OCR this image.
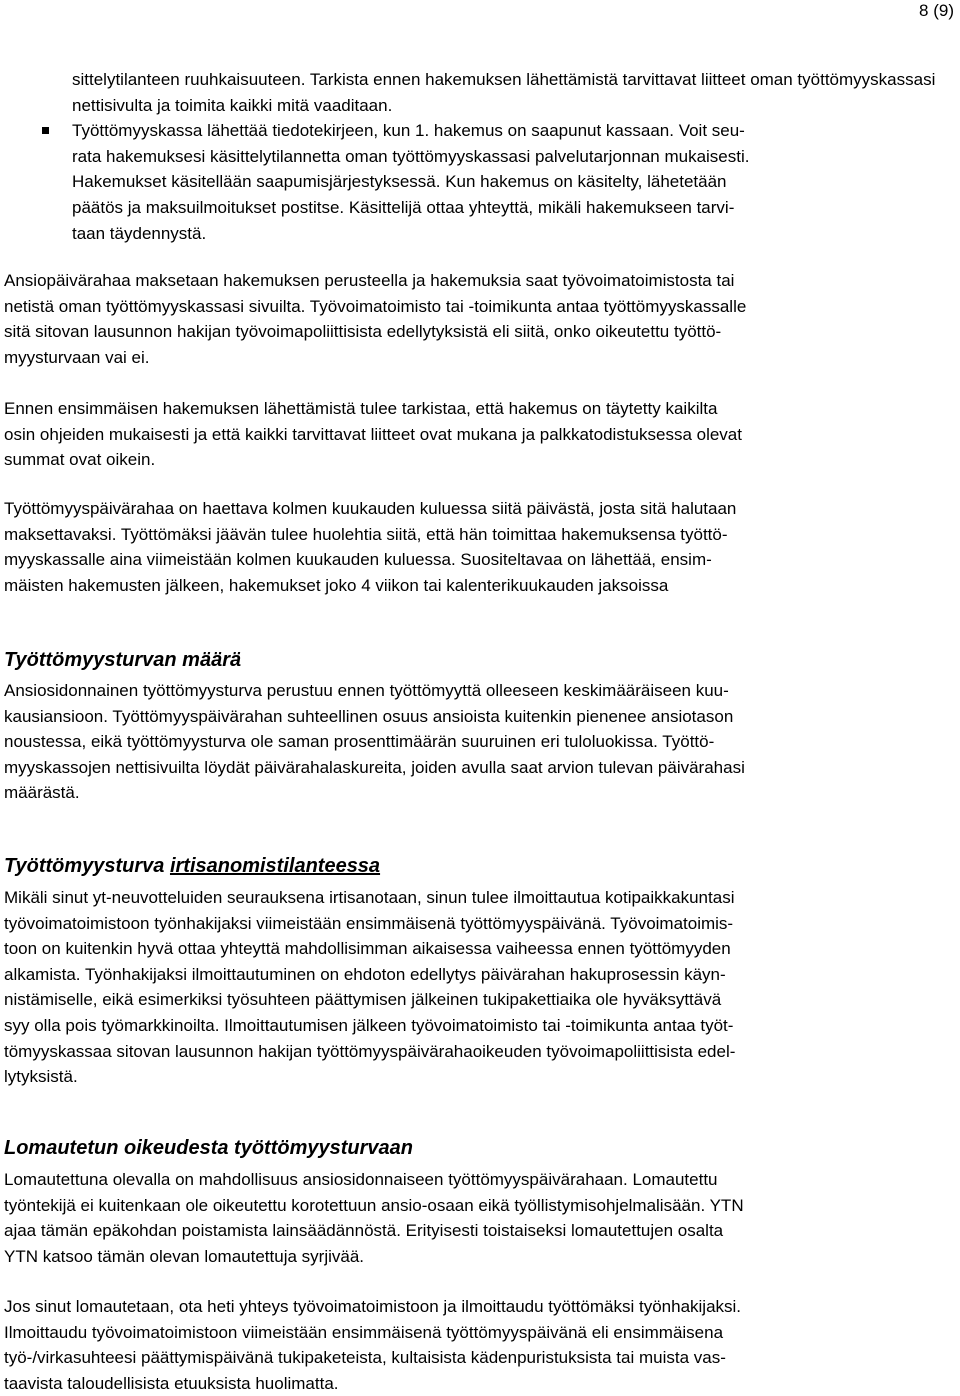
8 (9)
sittelytilanteen ruuhkaisuuteen. Tarkista ennen hakemuksen lähettämistä tarvittavat liitteet oman työttömyyskassasi nettisivulta ja toimita kaikki mitä vaaditaan.
Työttömyyskassa lähettää tiedotekirjeen, kun 1. hakemus on saapunut kassaan. Voit seu-
rata hakemuksesi käsittelytilannetta oman työttömyyskassasi palvelutarjonnan mukaisesti.
Hakemukset käsitellään saapumisjärjestyksessä. Kun hakemus on käsitelty, lähetetään
päätös ja maksuilmoitukset postitse. Käsittelijä ottaa yhteyttä, mikäli hakemukseen tarvi-
taan täydennystä.
Ansiopäivärahaa maksetaan hakemuksen perusteella ja hakemuksia saat työvoimatoimistosta tai
netistä oman työttömyyskassasi sivuilta. Työvoimatoimisto tai -toimikunta antaa työttömyyskassalle
sitä sitovan lausunnon hakijan työvoimapoliittisista edellytyksistä eli siitä, onko oikeutettu työttö-
myysturvaan vai ei.
Ennen ensimmäisen hakemuksen lähettämistä tulee tarkistaa, että hakemus on täytetty kaikilta
osin ohjeiden mukaisesti ja että kaikki tarvittavat liitteet ovat mukana ja palkkatodistuksessa olevat
summat ovat oikein.
Työttömyyspäivärahaa on haettava kolmen kuukauden kuluessa siitä päivästä, josta sitä halutaan
maksettavaksi. Työttömäksi jäävän tulee huolehtia siitä, että hän toimittaa hakemuksensa työttö-
myyskassalle aina viimeistään kolmen kuukauden kuluessa. Suositeltavaa on lähettää, ensim-
mäisten hakemusten jälkeen, hakemukset joko 4 viikon tai kalenterikuukauden jaksoissa
Työttömyysturvan määrä
Ansiosidonnainen työttömyysturva perustuu ennen työttömyyttä olleeseen keskimääräiseen kuu-
kausiansioon. Työttömyyspäivärahan suhteellinen osuus ansioista kuitenkin pienenee ansiotason
noustessa, eikä työttömyysturva ole saman prosenttimäärän suuruinen eri tuloluokissa. Työttö-
myyskassojen nettisivuilta löydät päivärahalaskureita, joiden avulla saat arvion tulevan päivärahasi
määrästä.
Työttömyysturva irtisanomistilanteessa
Mikäli sinut yt-neuvotteluiden seurauksena irtisanotaan, sinun tulee ilmoittautua kotipaikkakuntasi
työvoimatoimistoon työnhakijaksi viimeistään ensimmäisenä työttömyyspäivänä. Työvoimatoimis-
toon on kuitenkin hyvä ottaa yhteyttä mahdollisimman aikaisessa vaiheessa ennen työttömyyden
alkamista. Työnhakijaksi ilmoittautuminen on ehdoton edellytys päivärahan hakuprosessin käyn-
nistämiselle, eikä esimerkiksi työsuhteen päättymisen jälkeinen tukipakettiaika ole hyväksyttävä
syy olla pois työmarkkinoilta. Ilmoittautumisen jälkeen työvoimatoimisto tai -toimikunta antaa työt-
tömyyskassaa sitovan lausunnon hakijan työttömyyspäivärahaoikeuden työvoimapoliittisista edel-
lytyksistä.
Lomautetun oikeudesta työttömyysturvaan
Lomautettuna olevalla on mahdollisuus ansiosidonnaiseen työttömyyspäivärahaan. Lomautettu
työntekijä ei kuitenkaan ole oikeutettu korotettuun ansio-osaan eikä työllistymisohjelmalisään. YTN
ajaa tämän epäkohdan poistamista lainsäädännöstä. Erityisesti toistaiseksi lomautettujen osalta
YTN katsoo tämän olevan lomautettuja syrjivää.
Jos sinut lomautetaan, ota heti yhteys työvoimatoimistoon ja ilmoittaudu työttömäksi työnhakijaksi.
Ilmoittaudu työvoimatoimistoon viimeistään ensimmäisenä työttömyyspäivänä eli ensimmäisena
työ-/virkasuhteesi päättymispäivänä tukipaketeista, kultaisista kädenpuristuksista tai muista vas-
taavista taloudellisista etuuksista huolimatta.
